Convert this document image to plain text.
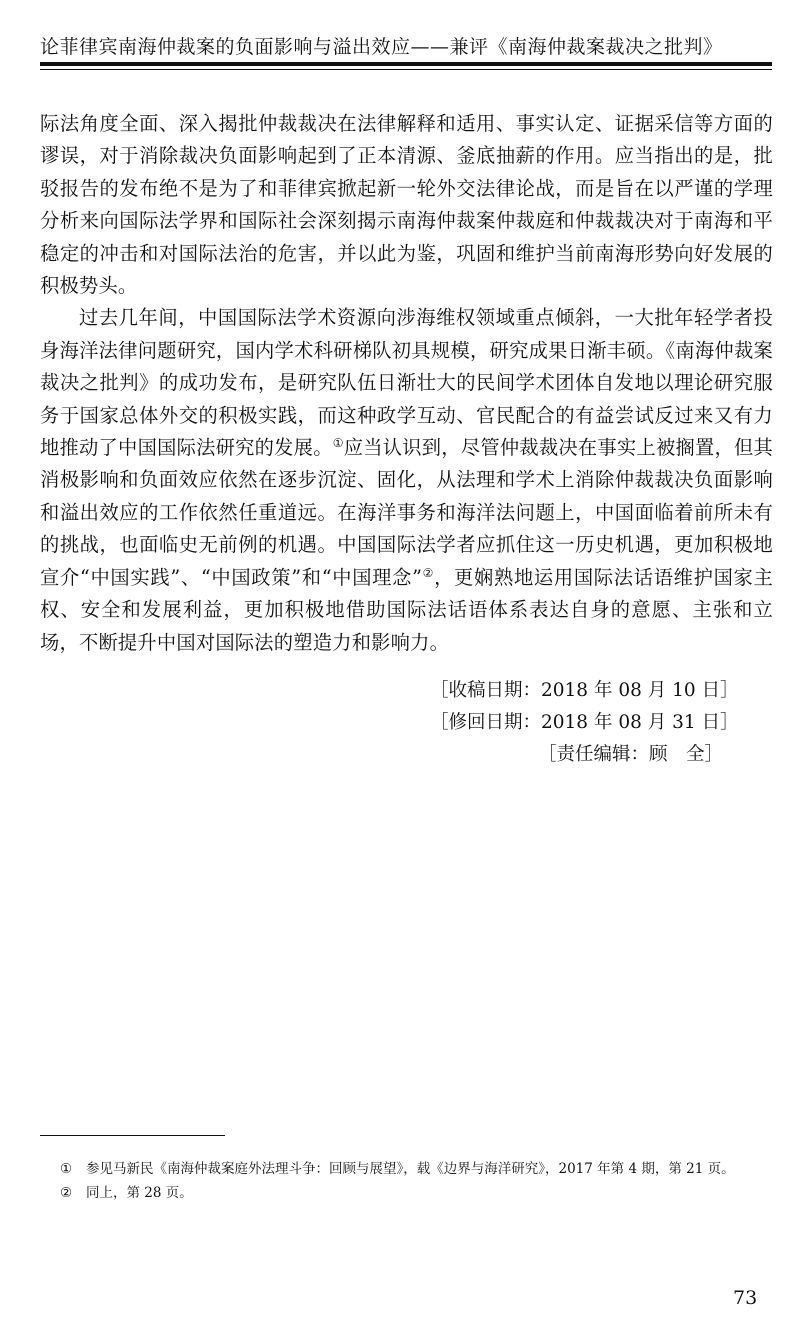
论菲律宾南海仲裁案的负面影响与溢出效应——兼评《南海仲裁案裁决之批判》

际法角度全面、深入揭批仲裁裁决在法律解释和适用、事实认定、证据采信等方面的谬误，对于消除裁决负面影响起到了正本清源、釜底抽薪的作用。应当指出的是，批驳报告的发布绝不是为了和菲律宾掀起新一轮外交法律论战，而是旨在以严谨的学理分析来向国际法学界和国际社会深刻揭示南海仲裁案仲裁庭和仲裁裁决对于南海和平稳定的冲击和对国际法治的危害，并以此为鉴，巩固和维护当前南海形势向好发展的积极势头。

过去几年间，中国国际法学术资源向涉海维权领域重点倾斜，一大批年轻学者投身海洋法律问题研究，国内学术科研梯队初具规模，研究成果日渐丰硕。《南海仲裁案裁决之批判》的成功发布，是研究队伍日渐壮大的民间学术团体自发地以理论研究服务于国家总体外交的积极实践，而这种政学互动、官民配合的有益尝试反过来又有力地推动了中国国际法研究的发展。①应当认识到，尽管仲裁裁决在事实上被搁置，但其消极影响和负面效应依然在逐步沉淀、固化，从法理和学术上消除仲裁裁决负面影响和溢出效应的工作依然任重道远。在海洋事务和海洋法问题上，中国面临着前所未有的挑战，也面临史无前例的机遇。中国国际法学者应抓住这一历史机遇，更加积极地宣介“中国实践”、“中国政策”和“中国理念”②，更娴熟地运用国际法话语维护国家主权、安全和发展利益，更加积极地借助国际法话语体系表达自身的意愿、主张和立场，不断提升中国对国际法的塑造力和影响力。

［收稿日期：2018 年 08 月 10 日］
［修回日期：2018 年 08 月 31 日］
［责任编辑：顾　全］

① 参见马新民《南海仲裁案庭外法理斗争：回顾与展望》，载《边界与海洋研究》，2017 年第 4 期，第 21 页。

② 同上，第 28 页。

73
